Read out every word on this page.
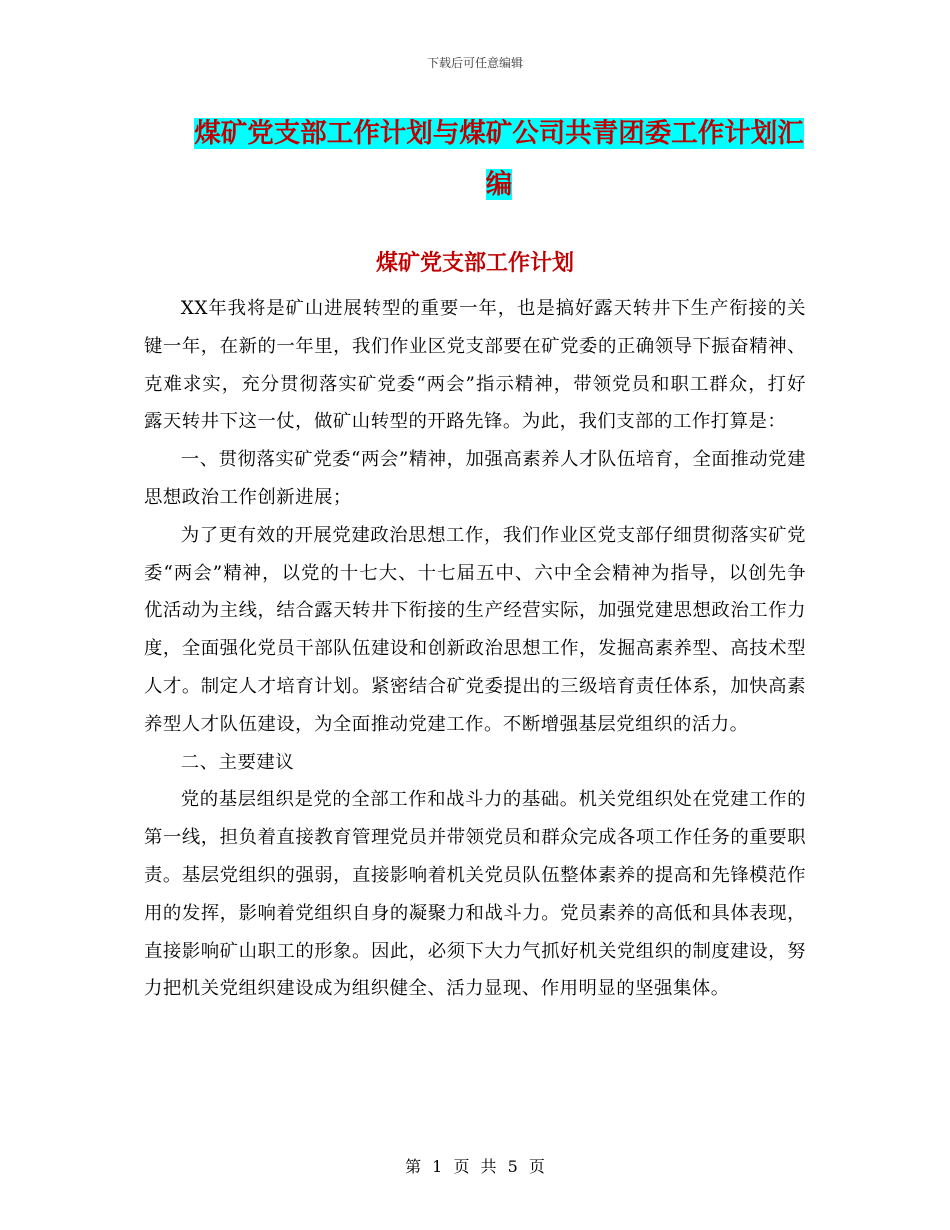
下载后可任意编辑
煤矿党支部工作计划与煤矿公司共青团委工作计划汇编
煤矿党支部工作计划

XX年我将是矿山进展转型的重要一年，也是搞好露天转井下生产衔接的关键一年，在新的一年里，我们作业区党支部要在矿党委的正确领导下振奋精神、克难求实，充分贯彻落实矿党委“两会”指示精神，带领党员和职工群众，打好露天转井下这一仗，做矿山转型的开路先锋。为此，我们支部的工作打算是：

一、贯彻落实矿党委“两会”精神，加强高素养人才队伍培育，全面推动党建思想政治工作创新进展；

为了更有效的开展党建政治思想工作，我们作业区党支部仔细贯彻落实矿党委“两会”精神，以党的十七大、十七届五中、六中全会精神为指导，以创先争优活动为主线，结合露天转井下衔接的生产经营实际，加强党建思想政治工作力度，全面强化党员干部队伍建设和创新政治思想工作，发掘高素养型、高技术型人才。制定人才培育计划。紧密结合矿党委提出的三级培育责任体系，加快高素养型人才队伍建设，为全面推动党建工作。不断增强基层党组织的活力。

二、主要建议

党的基层组织是党的全部工作和战斗力的基础。机关党组织处在党建工作的第一线，担负着直接教育管理党员并带领党员和群众完成各项工作任务的重要职责。基层党组织的强弱，直接影响着机关党员队伍整体素养的提高和先锋模范作用的发挥，影响着党组织自身的凝聚力和战斗力。党员素养的高低和具体表现，直接影响矿山职工的形象。因此，必须下大力气抓好机关党组织的制度建设，努力把机关党组织建设成为组织健全、活力显现、作用明显的坚强集体。

第 1 页 共 5 页
